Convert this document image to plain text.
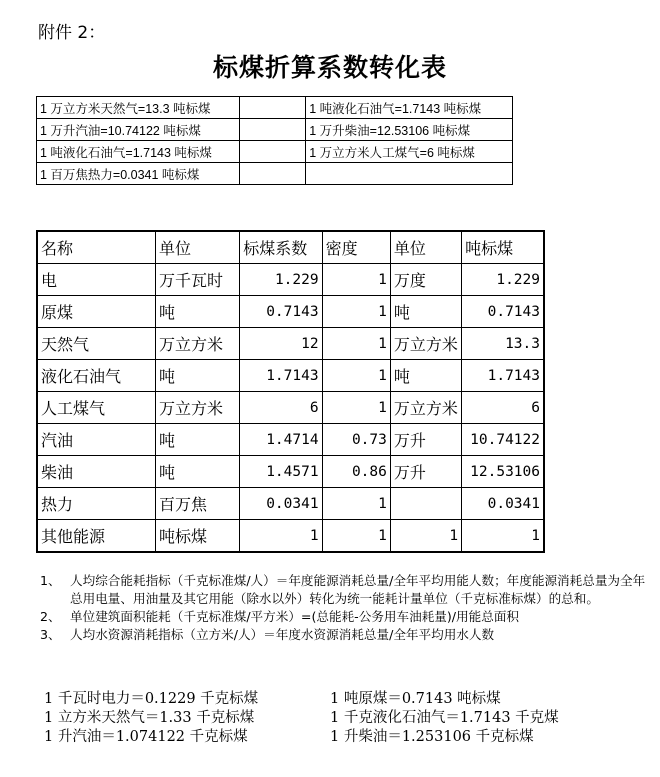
附件 2：
标煤折算系数转化表
1 万立方米天然气=13.3 吨标煤		1 吨液化石油气=1.7143 吨标煤
1 万升汽油=10.74122 吨标煤		1 万升柴油=12.53106 吨标煤
1 吨液化石油气=1.7143 吨标煤		1 万立方米人工煤气=6 吨标煤
1 百万焦热力=0.0341 吨标煤		
名称	单位	标煤系数	密度	单位	吨标煤
电	万千瓦时	1.229	1	万度	1.229
原煤	吨	0.7143	1	吨	0.7143
天然气	万立方米	12	1	万立方米	13.3
液化石油气	吨	1.7143	1	吨	1.7143
人工煤气	万立方米	6	1	万立方米	6
汽油	吨	1.4714	0.73	万升	10.74122
柴油	吨	1.4571	0.86	万升	12.53106
热力	百万焦	0.0341	1		0.0341
其他能源	吨标煤	1	1	1	1
1、 人均综合能耗指标（千克标准煤/人）＝年度能源消耗总量/全年平均用能人数；年度能源消耗总量为全年总用电量、用油量及其它用能（除水以外）转化为统一能耗计量单位（千克标准标煤）的总和。
2、 单位建筑面积能耗（千克标准煤/平方米）=(总能耗-公务用车油耗量)/用能总面积
3、 人均水资源消耗指标（立方米/人）＝年度水资源消耗总量/全年平均用水人数
1 千瓦时电力＝0.1229 千克标煤	1 吨原煤＝0.7143 吨标煤
1 立方米天然气＝1.33 千克标煤	1 千克液化石油气＝1.7143 千克煤
1 升汽油＝1.074122 千克标煤	1 升柴油＝1.253106 千克标煤
